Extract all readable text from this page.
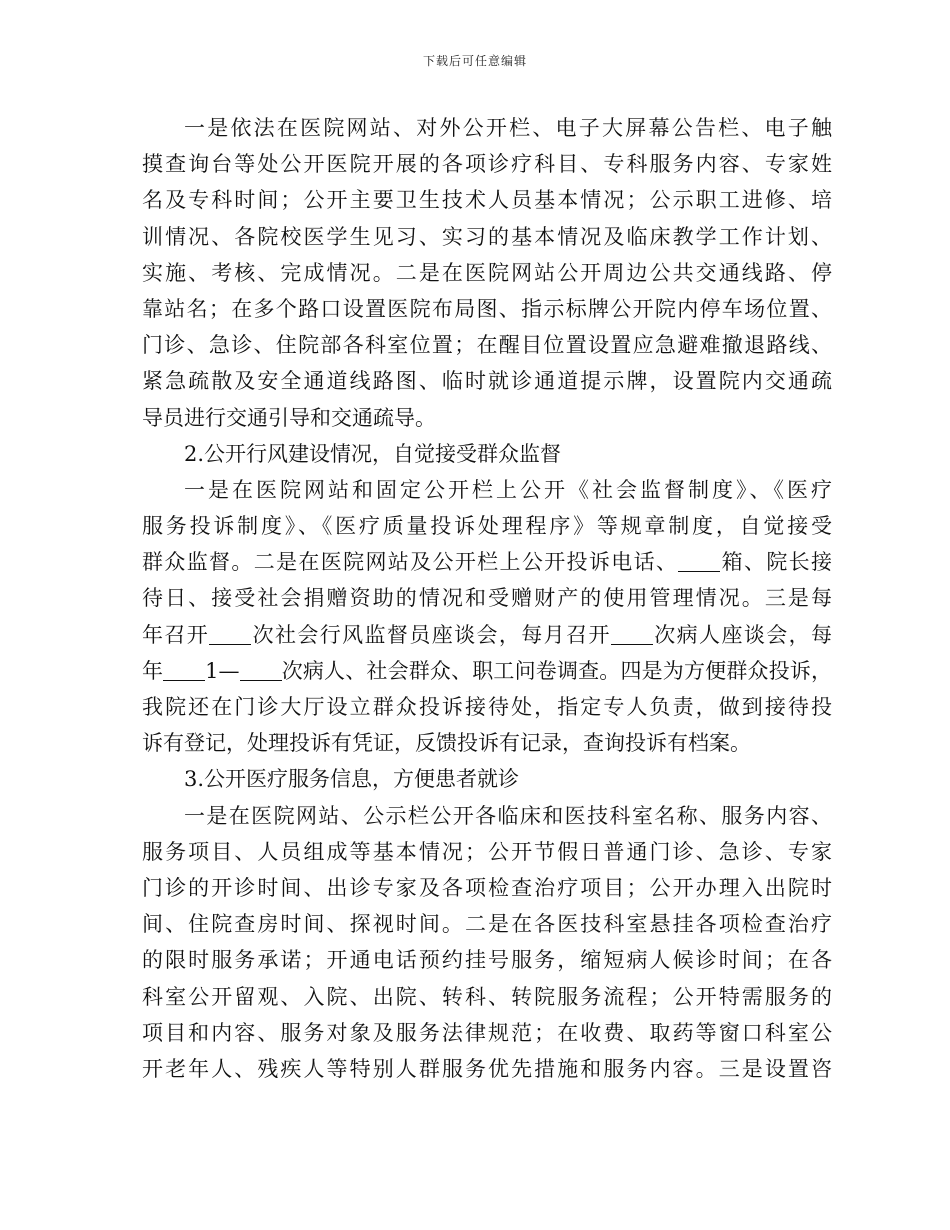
下载后可任意编辑
一是依法在医院网站、对外公开栏、电子大屏幕公告栏、电子触
摸查询台等处公开医院开展的各项诊疗科目、专科服务内容、专家姓
名及专科时间；公开主要卫生技术人员基本情况；公示职工进修、培
训情况、各院校医学生见习、实习的基本情况及临床教学工作计划、
实施、考核、完成情况。二是在医院网站公开周边公共交通线路、停
靠站名；在多个路口设置医院布局图、指示标牌公开院内停车场位置、
门诊、急诊、住院部各科室位置；在醒目位置设置应急避难撤退路线、
紧急疏散及安全通道线路图、临时就诊通道提示牌，设置院内交通疏
导员进行交通引导和交通疏导。
2.公开行风建设情况，自觉接受群众监督
一是在医院网站和固定公开栏上公开《社会监督制度》、《医疗
服务投诉制度》、《医疗质量投诉处理程序》等规章制度，自觉接受
群众监督。二是在医院网站及公开栏上公开投诉电话、 箱、院长接
待日、接受社会捐赠资助的情况和受赠财产的使用管理情况。三是每
年召开 次社会行风监督员座谈会，每月召开 次病人座谈会，每
年 1— 次病人、社会群众、职工问卷调查。四是为方便群众投诉，
我院还在门诊大厅设立群众投诉接待处，指定专人负责，做到接待投
诉有登记，处理投诉有凭证，反馈投诉有记录，查询投诉有档案。
3.公开医疗服务信息，方便患者就诊
一是在医院网站、公示栏公开各临床和医技科室名称、服务内容、
服务项目、人员组成等基本情况；公开节假日普通门诊、急诊、专家
门诊的开诊时间、出诊专家及各项检查治疗项目；公开办理入出院时
间、住院查房时间、探视时间。二是在各医技科室悬挂各项检查治疗
的限时服务承诺；开通电话预约挂号服务，缩短病人候诊时间；在各
科室公开留观、入院、出院、转科、转院服务流程；公开特需服务的
项目和内容、服务对象及服务法律规范；在收费、取药等窗口科室公
开老年人、残疾人等特别人群服务优先措施和服务内容。三是设置咨
